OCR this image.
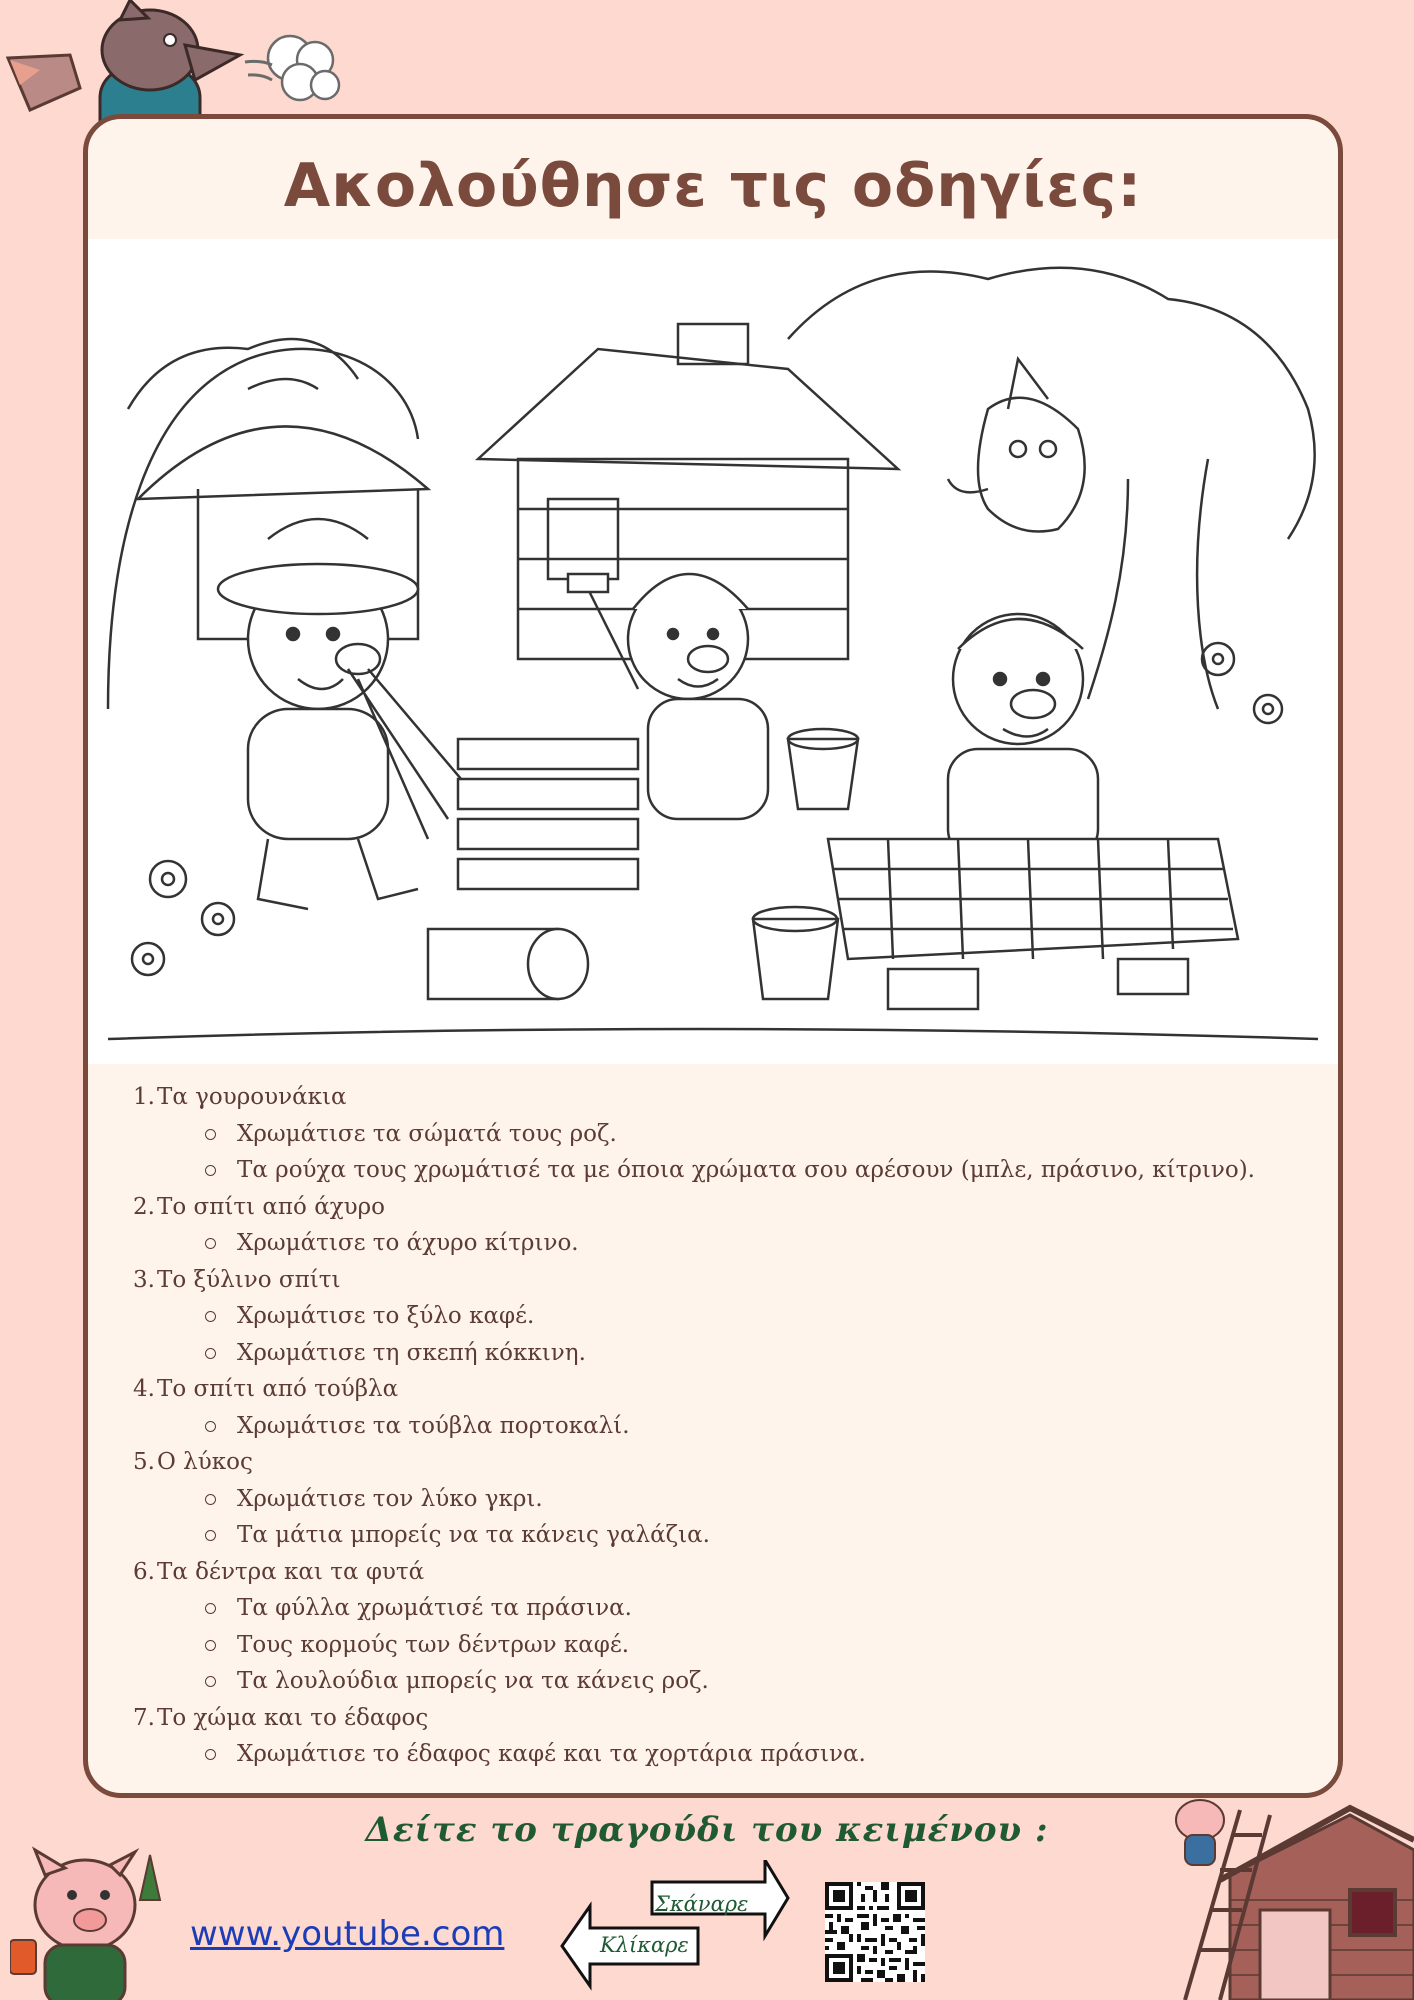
Ακολούθησε τις οδηγίες:
1. Τα γουρουνάκια
Χρωμάτισε τα σώματά τους ροζ.
Τα ρούχα τους χρωμάτισέ τα με όποια χρώματα σου αρέσουν (μπλε, πράσινο, κίτρινο).
2. Το σπίτι από άχυρο
Χρωμάτισε το άχυρο κίτρινο.
3. Το ξύλινο σπίτι
Χρωμάτισε το ξύλο καφέ.
Χρωμάτισε τη σκεπή κόκκινη.
4. Το σπίτι από τούβλα
Χρωμάτισε τα τούβλα πορτοκαλί.
5. Ο λύκος
Χρωμάτισε τον λύκο γκρι.
Τα μάτια μπορείς να τα κάνεις γαλάζια.
6. Τα δέντρα και τα φυτά
Τα φύλλα χρωμάτισέ τα πράσινα.
Τους κορμούς των δέντρων καφέ.
Τα λουλούδια μπορείς να τα κάνεις ροζ.
7. Το χώμα και το έδαφος
Χρωμάτισε το έδαφος καφέ και τα χορτάρια πράσινα.
Δείτε το τραγούδι του κειμένου :
www.youtube.com
Σκάναρε
Κλίκαρε
